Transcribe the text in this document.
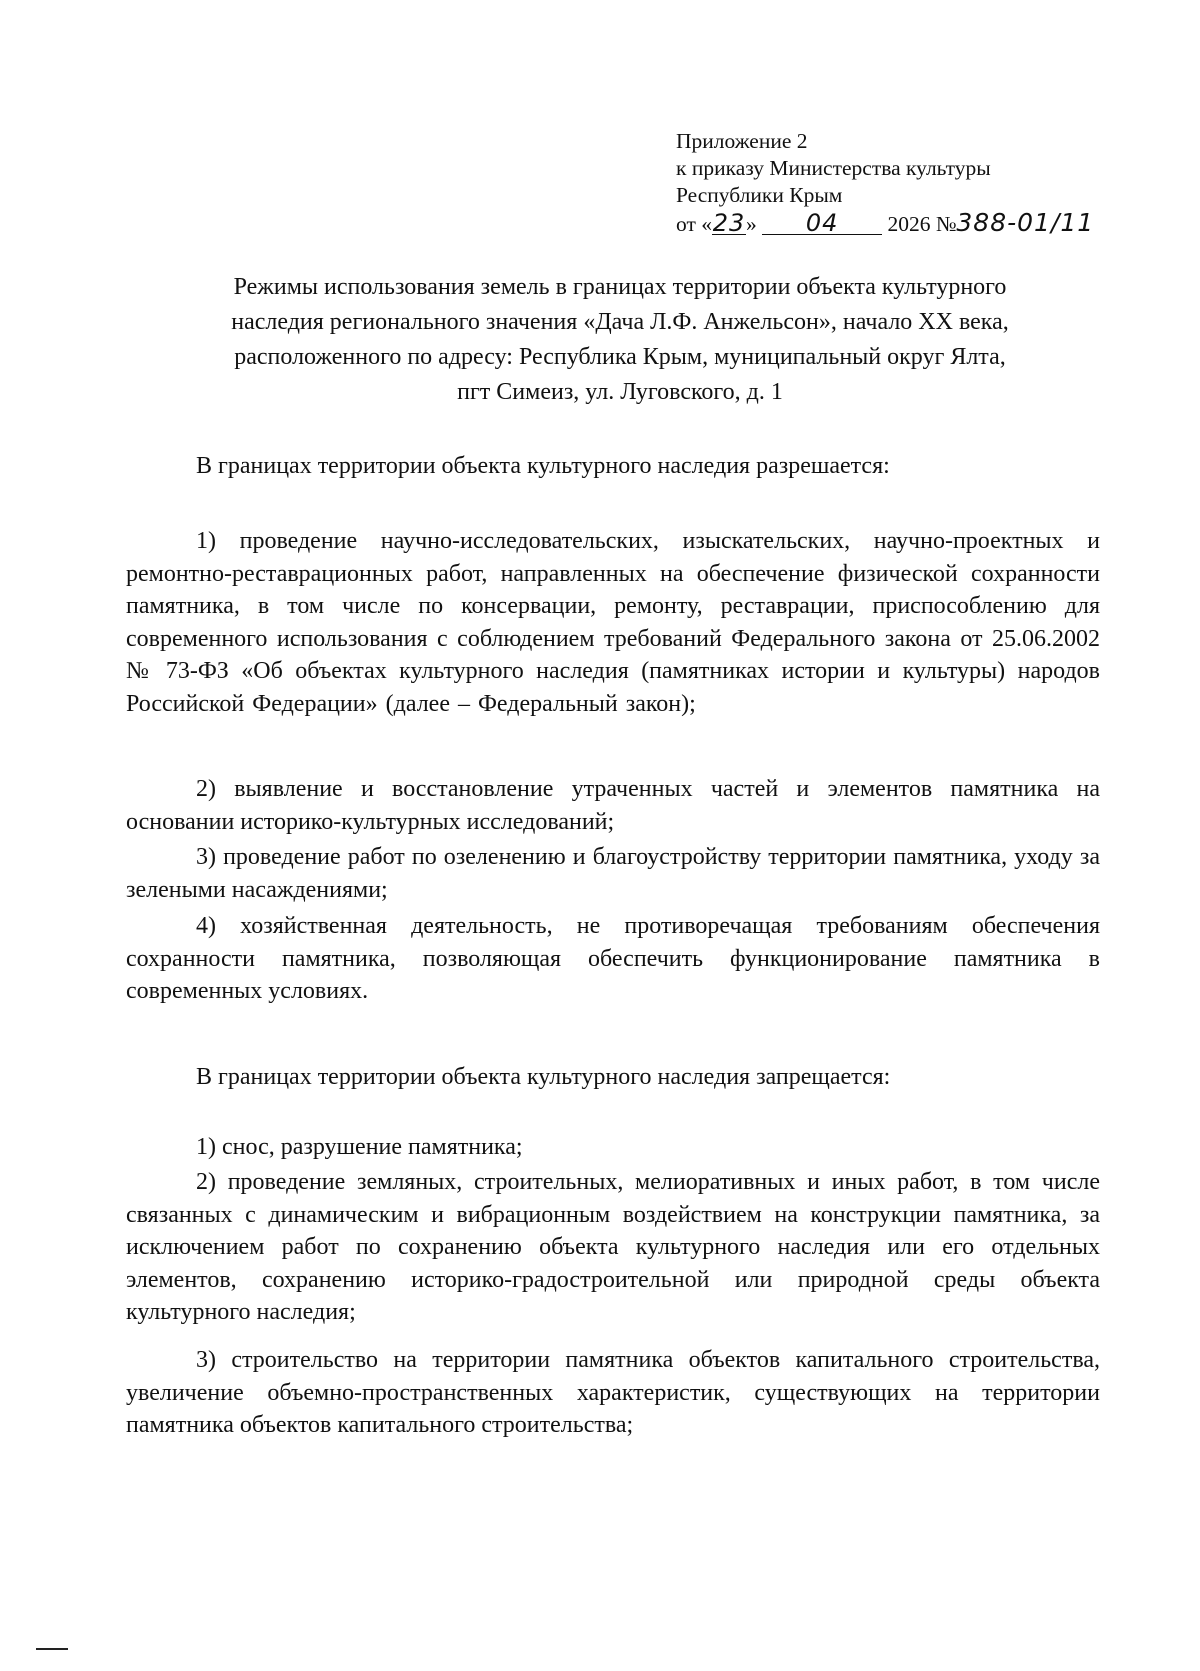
Приложение 2
к приказу Министерства культуры
Республики Крым
от «23» 04 2026 №388-01/11
Режимы использования земель в границах территории объекта культурного
наследия регионального значения «Дача Л.Ф. Анжельсон», начало XX века,
расположенного по адресу: Республика Крым, муниципальный округ Ялта,
пгт Симеиз, ул. Луговского, д. 1
В границах территории объекта культурного наследия разрешается:

1) проведение научно-исследовательских, изыскательских, научно-проектных и ремонтно-реставрационных работ, направленных на обеспечение физической сохранности памятника, в том числе по консервации, ремонту, реставрации, приспособлению для современного использования с соблюдением требований Федерального закона от 25.06.2002 № 73-ФЗ «Об объектах культурного наследия (памятниках истории и культуры) народов Российской Федерации» (далее – Федеральный закон);

2) выявление и восстановление утраченных частей и элементов памятника на основании историко-культурных исследований;

3) проведение работ по озеленению и благоустройству территории памятника, уходу за зелеными насаждениями;

4) хозяйственная деятельность, не противоречащая требованиям обеспечения сохранности памятника, позволяющая обеспечить функционирование памятника в современных условиях.

В границах территории объекта культурного наследия запрещается:

1) снос, разрушение памятника;

2) проведение земляных, строительных, мелиоративных и иных работ, в том числе связанных с динамическим и вибрационным воздействием на конструкции памятника, за исключением работ по сохранению объекта культурного наследия или его отдельных элементов, сохранению историко-градостроительной или природной среды объекта культурного наследия;

3) строительство на территории памятника объектов капитального строительства, увеличение объемно-пространственных характеристик, существующих на территории памятника объектов капитального строительства;
